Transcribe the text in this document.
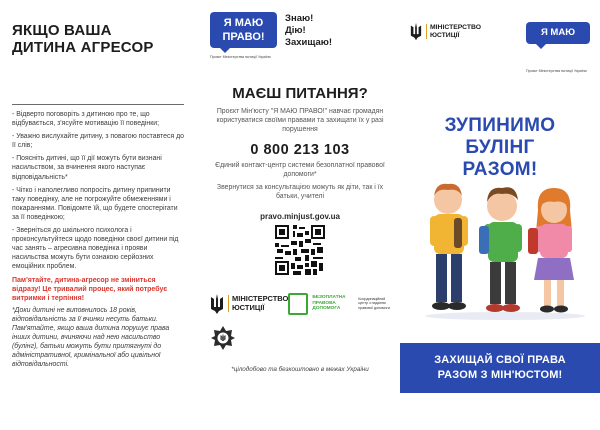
ЯКЩО ВАША
ДИТИНА АГРЕСОР
- Відверто поговоріть з дитиною про те, що відбувається, з'ясуйте мотивацію її поведінки;
- Уважно вислухайте дитину, з повагою поставтеся до її слів;
- Поясніть дитині, що її дії можуть бути визнані насильством, за вчинення якого наступає відповідальність*
- Чітко і наполегливо попросіть дитину припинити таку поведінку, але не погрожуйте обмеженнями і покараннями. Повідомте їй, що будете спостерігати за її поведінкою;
- Зверніться до шкільного психолога і проконсультуйтеся щодо поведінки своєї дитини під час занять – агресивна поведінка і прояви насильства можуть бути ознакою серйозних емоційних проблем.
Пам'ятайте, дитина-агресор не зміниться відразу! Це тривалий процес, який потребує витримки і терпіння!
*Доки дитині не виповнилось 18 років, відповідальність за її вчинки несуть батьки. Пам'ятайте, якщо ваша дитина порушує права інших дитини, вчиняючи над нею насильство (булінг), батьки можуть бути притягнуті до адміністративної, кримінальної або цивільної відповідальності.
Я МАЮ
ПРАВО!
Проєкт Міністерства юстиції України
Знаю!
Дію!
Захищаю!
МАЄШ ПИТАННЯ?
Проєкт Мін'юсту "Я МАЮ ПРАВО!" навчає громадян користуватися своїми правами та захищати їх у разі порушення
0 800 213 103
Єдиний контакт-центр системи безоплатної правової допомоги*
Звернутися за консультацією можуть як діти, так і їх батьки, учителі
pravo.minjust.gov.ua
МІНІСТЕРСТВО
ЮСТИЦІЇ
БЕЗОПЛАТНА
ПРАВОВА
ДОПОМОГА
Координаційний центр з надання правової допомоги
*цілодобово та безкоштовно в межах України
МІНІСТЕРСТВО
ЮСТИЦІЇ	Я МАЮ ПРАВО!
Проєкт Міністерства юстиції України
ЗУПИНИМО
БУЛІНГ
РАЗОМ!
ЗАХИЩАЙ СВОЇ ПРАВА
РАЗОМ З МІН'ЮСТОМ!
